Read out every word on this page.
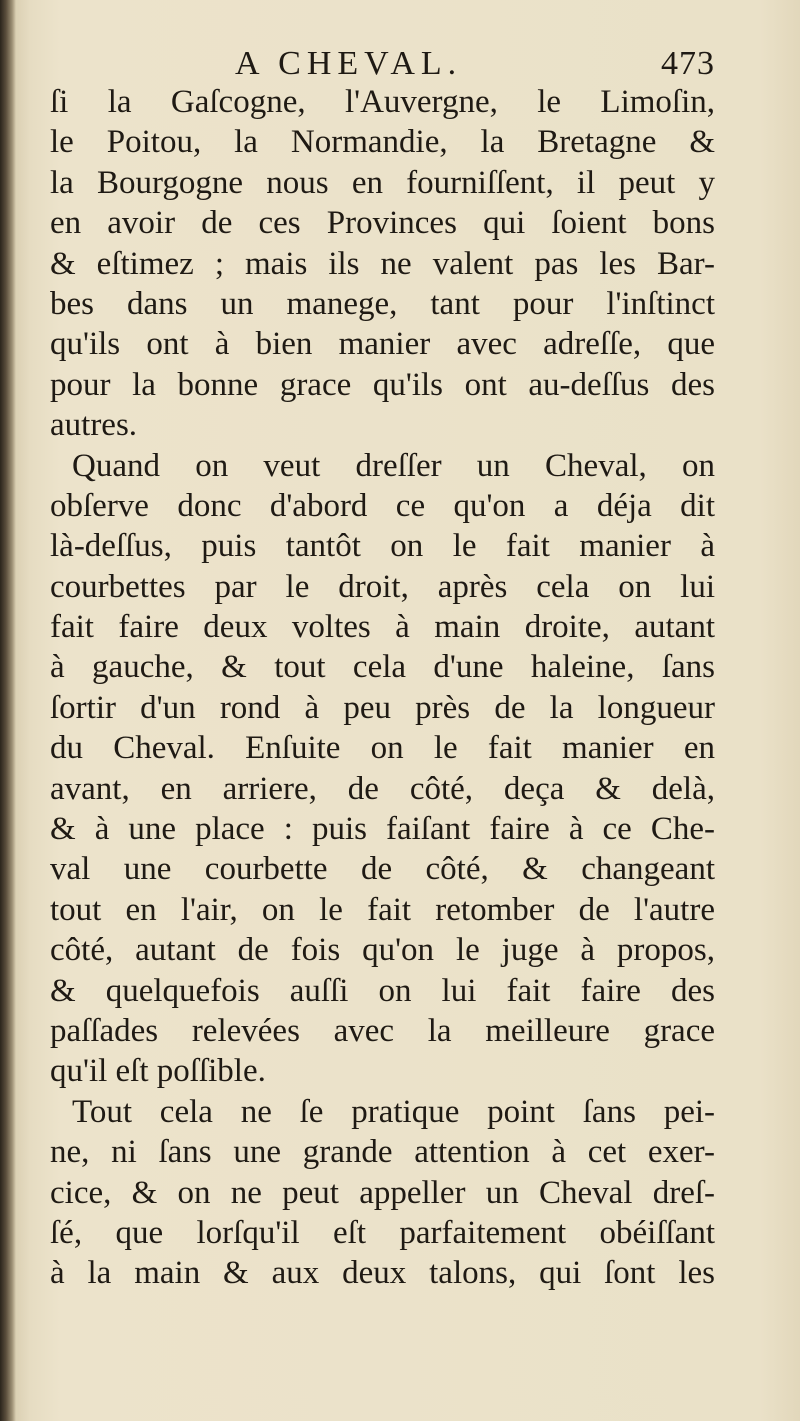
A CHEVAL.	473
ſi la Gaſcogne, l'Auvergne, le Limoſin,
le Poitou, la Normandie, la Bretagne &
la Bourgogne nous en fourniſſent, il peut y
en avoir de ces Provinces qui ſoient bons
& eſtimez ; mais ils ne valent pas les Bar-
bes dans un manege, tant pour l'inſtinct
qu'ils ont à bien manier avec adreſſe, que
pour la bonne grace qu'ils ont au-deſſus des
autres.
Quand on veut dreſſer un Cheval, on
obſerve donc d'abord ce qu'on a déja dit
là-deſſus, puis tantôt on le fait manier à
courbettes par le droit, après cela on lui
fait faire deux voltes à main droite, autant
à gauche, & tout cela d'une haleine, ſans
ſortir d'un rond à peu près de la longueur
du Cheval. Enſuite on le fait manier en
avant, en arriere, de côté, deça & delà,
& à une place : puis faiſant faire à ce Che-
val une courbette de côté, & changeant
tout en l'air, on le fait retomber de l'autre
côté, autant de fois qu'on le juge à propos,
& quelquefois auſſi on lui fait faire des
paſſades relevées avec la meilleure grace
qu'il eſt poſſible.
Tout cela ne ſe pratique point ſans pei-
ne, ni ſans une grande attention à cet exer-
cice, & on ne peut appeller un Cheval dreſ-
ſé, que lorſqu'il eſt parfaitement obéiſſant
à la main & aux deux talons, qui ſont les
